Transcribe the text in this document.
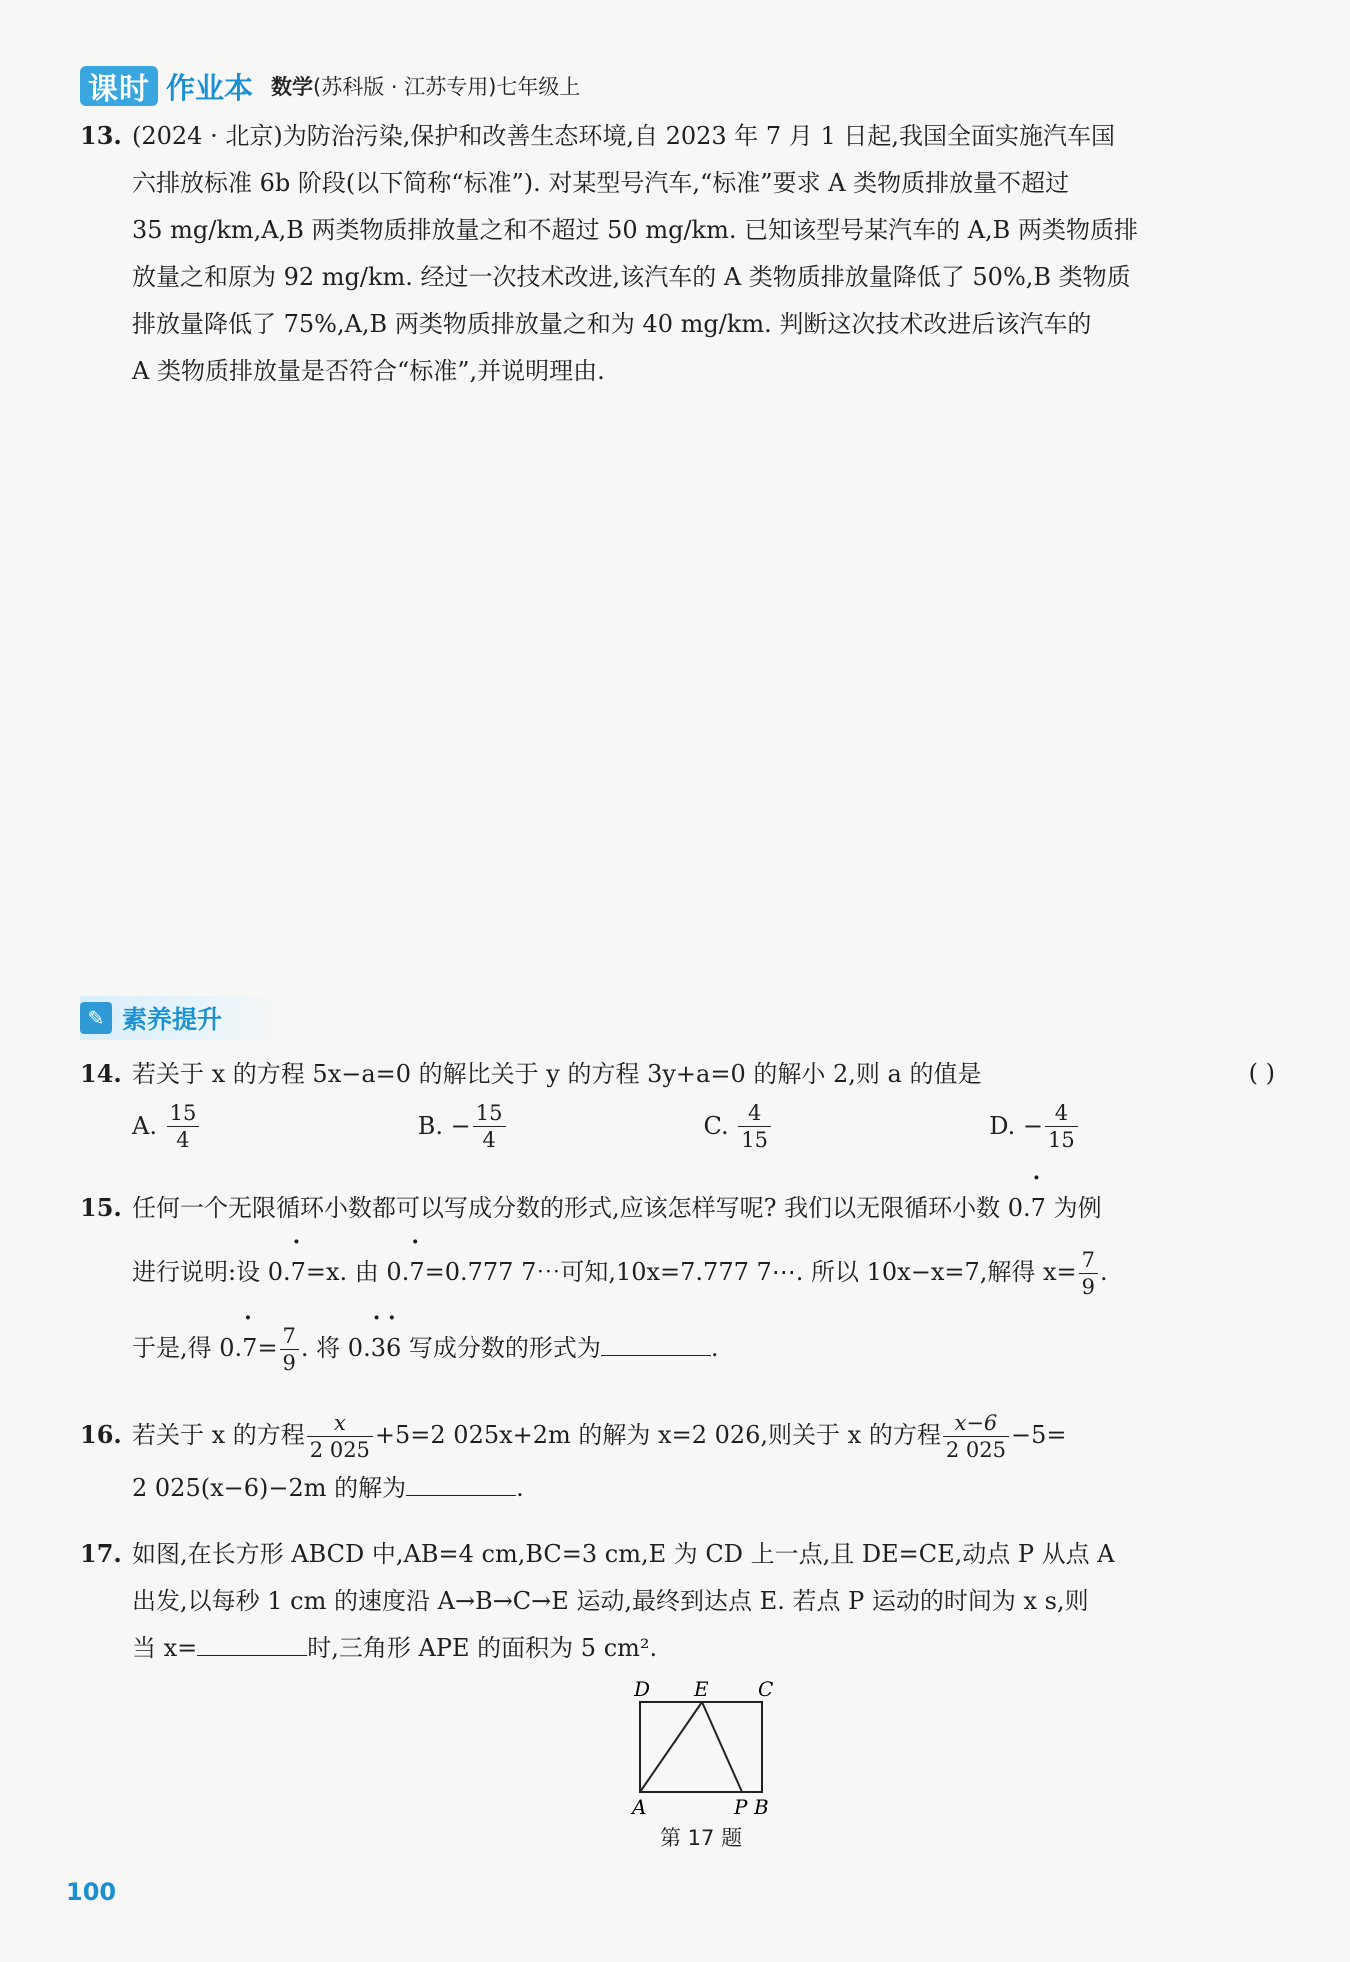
课时 作业本 数学(苏科版 · 江苏专用)七年级上
13. (2024 · 北京)为防治污染,保护和改善生态环境,自 2023 年 7 月 1 日起,我国全面实施汽车国
六排放标准 6b 阶段(以下简称“标准”). 对某型号汽车,“标准”要求 A 类物质排放量不超过
35 mg/km,A,B 两类物质排放量之和不超过 50 mg/km. 已知该型号某汽车的 A,B 两类物质排
放量之和原为 92 mg/km. 经过一次技术改进,该汽车的 A 类物质排放量降低了 50%,B 类物质
排放量降低了 75%,A,B 两类物质排放量之和为 40 mg/km. 判断这次技术改进后该汽车的
A 类物质排放量是否符合“标准”,并说明理由.
✎ 素养提升
14. 若关于 x 的方程 5x−a=0 的解比关于 y 的方程 3y+a=0 的解小 2,则 a 的值是	( )
A.
$\frac{15}{4}$	B.
− $\frac{15}{4}$	C.
$\frac{4}{15}$	D.
− $\frac{4}{15}$
15. 任何一个无限循环小数都可以写成分数的形式,应该怎样写呢? 我们以无限循环小数 0.· 7 为例
进行说明:设 0.· 7=x. 由 0.· 7=0.777 7⋯可知,10x=7.777 7⋯. 所以 10x−x=7,解得 $x= \frac{7}{9}$ .
于是,得 $0.\cdot 7= \frac{7}{9}$ . 将 0.· 3· 6 写成分数的形式为	.
16. 若关于 x 的方程 $\frac{x}{2 025} +5=2$ 025x+2m 的解为 x=2 026,则关于 x 的方程 $\frac{x-6}{2 025} -5=$
2 025(x−6)−2m 的解为	.
17. 如图,在长方形 ABCD 中,AB=4 cm,BC=3 cm,E 为 CD 上一点,且 DE=CE,动点 P 从点 A
出发,以每秒 1 cm 的速度沿 A→B→C→E 运动,最终到达点 E. 若点 P 运动的时间为 x s,则
当 x=	时,三角形 APE 的面积为 5 cm².
D E C
A	P B
第 17 题
100
